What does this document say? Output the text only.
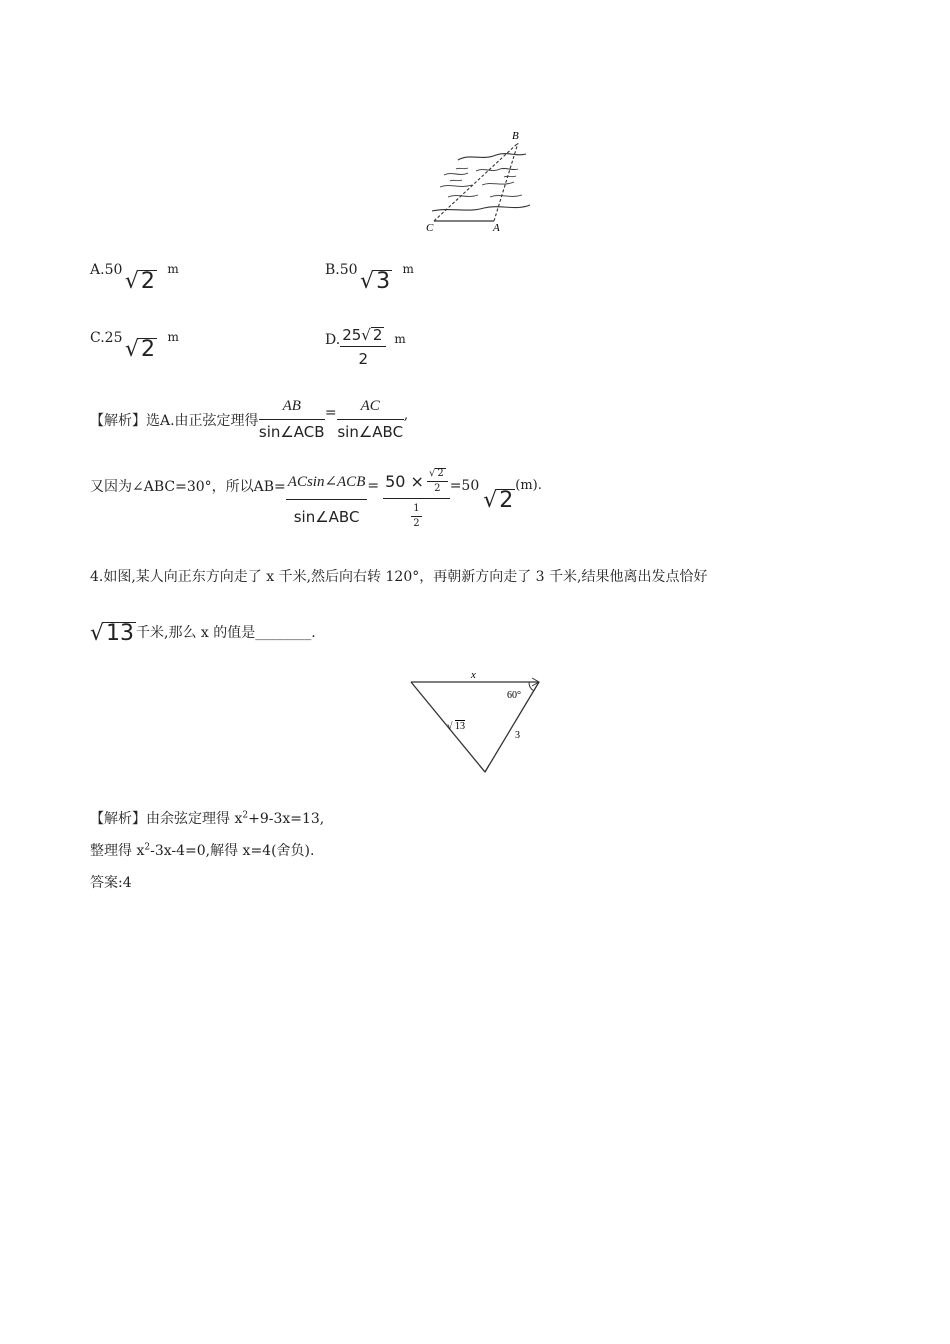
B
C	A
A.50 √ 2 m	B.50 √ 3 m
C.25 √ 2 m	D. $\frac{25 √ 2}{2}$ m
【解析】选A.由正弦定理得 $\frac{AB}{\text{sin∠ACB}} = \frac{AC}{\text{sin∠ABC}}$ ,
又因为∠ABC=30°，所以$AB= \frac{\text{ACsin∠ACB}}{\text{sin∠ABC}} = \frac{50 \times \frac{√ 2}{2}}{\frac{1}{2}} =50$
√ 2
(m).
4.如图,某人向正东方向走了 x 千米,然后向右转 120°，再朝新方向走了 3 千米,结果他离出发点恰好
√ 13 千米,那么 x 的值是________.
x
60°
√ 13
3
【解析】由余弦定理得 $x^2+9-3x=13$,
整理得 $x^2-3x-4=0$,解得 x=4(舍负).
答案:4
